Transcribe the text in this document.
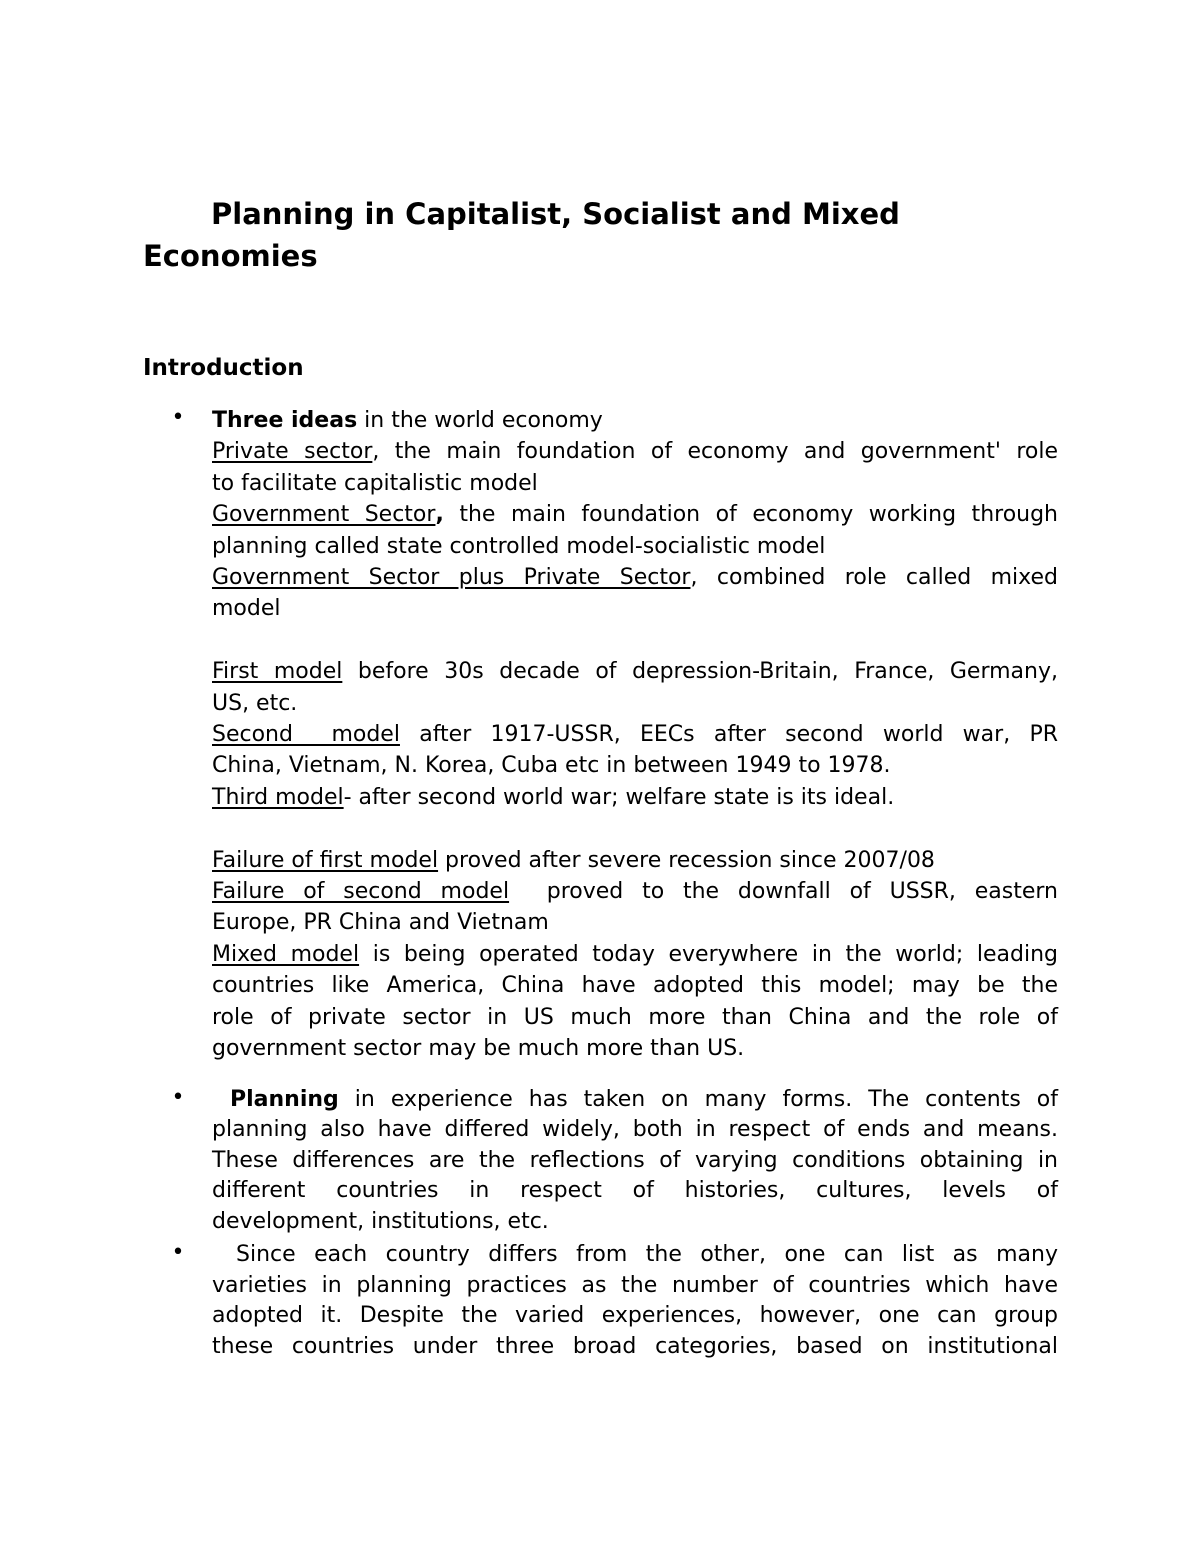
Planning in Capitalist, Socialist and Mixed
Economies
Introduction
• Three ideas in the world economy
Private sector, the main foundation of economy and government' role
to facilitate capitalistic model
Government Sector, the main foundation of economy working through
planning called state controlled model-socialistic model
Government Sector plus Private Sector, combined role called mixed
model
First model before 30s decade of depression-Britain, France, Germany,
US, etc.
Second  model after 1917-USSR, EECs after second world war, PR
China, Vietnam, N. Korea, Cuba etc in between 1949 to 1978.
Third model- after second world war; welfare state is its ideal.
Failure of first model proved after severe recession since 2007/08
Failure of second model  proved to the downfall of USSR, eastern
Europe, PR China and Vietnam
Mixed model is being operated today everywhere in the world; leading
countries like America, China have adopted this model; may be the
role of private sector in US much more than China and the role of
government sector may be much more than US.
•	Planning in experience has taken on many forms. The contents of
planning also have differed widely, both in respect of ends and means.
These differences are the reflections of varying conditions obtaining in
different countries in respect of histories, cultures, levels of
development, institutions, etc.
•	Since each country differs from the other, one can list as many
varieties in planning practices as the number of countries which have
adopted it. Despite the varied experiences, however, one can group
these countries under three broad categories, based on institutional
